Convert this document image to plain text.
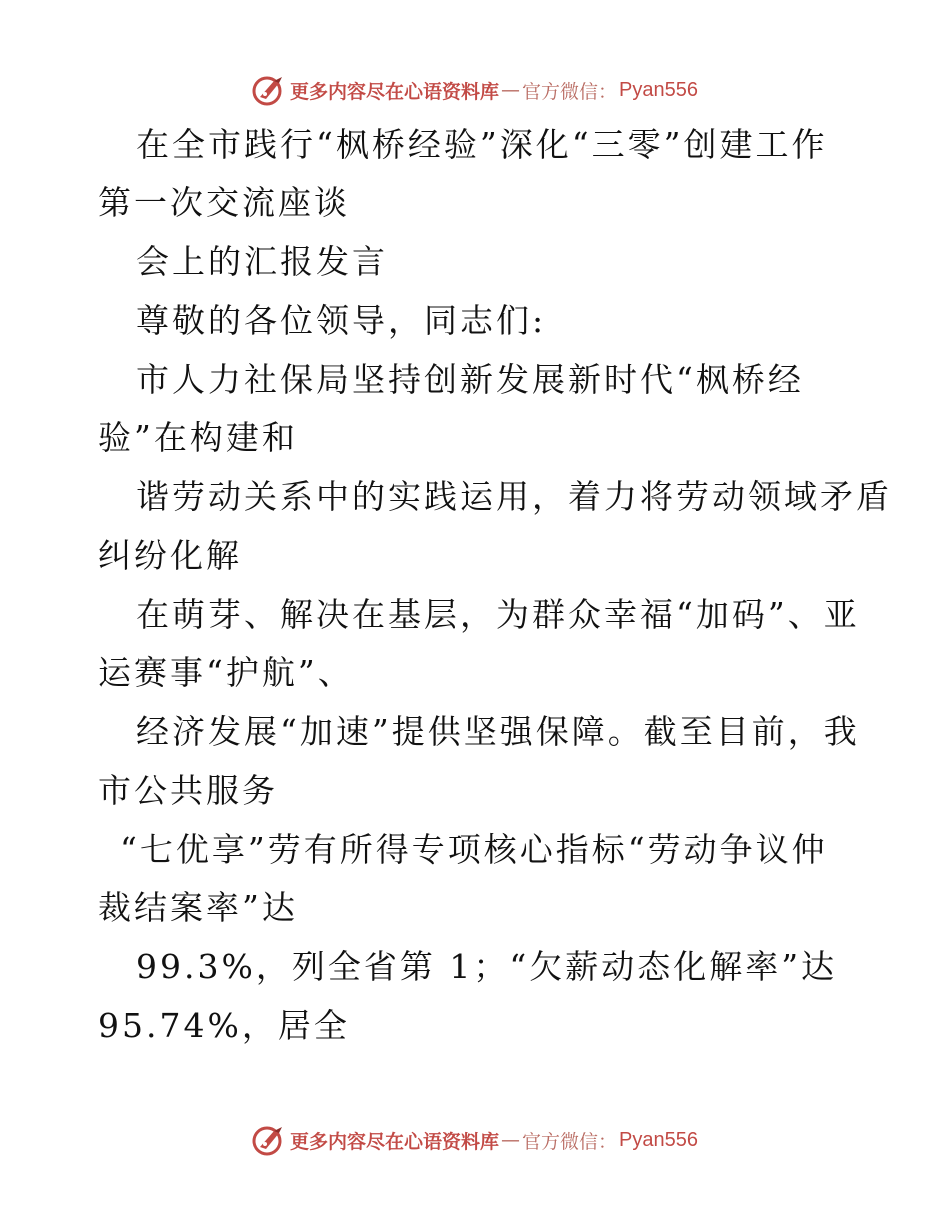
更多内容尽在心语资料库 — 官方微信： Pyan556
在全市践行“枫桥经验”深化“三零”创建工作
第一次交流座谈
会上的汇报发言
尊敬的各位领导，同志们:
市人力社保局坚持创新发展新时代“枫桥经
验”在构建和
谐劳动关系中的实践运用，着力将劳动领域矛盾
纠纷化解
在萌芽、解决在基层，为群众幸福“加码”、亚
运赛事“护航”、
经济发展“加速”提供坚强保障。截至目前，我
市公共服务
“七优享”劳有所得专项核心指标“劳动争议仲
裁结案率”达
99.3%，列全省第 1；“欠薪动态化解率”达
95.74%，居全
更多内容尽在心语资料库 — 官方微信： Pyan556
